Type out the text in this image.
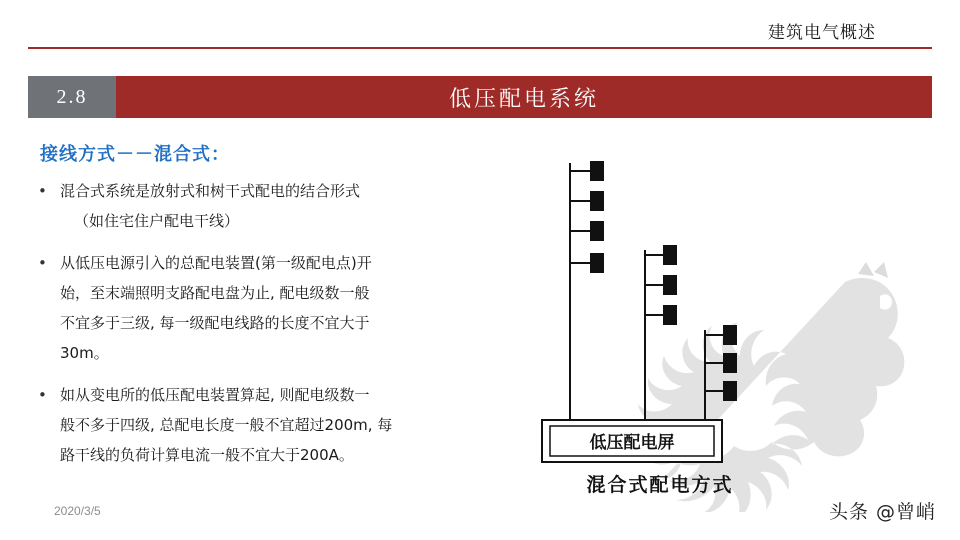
建筑电气概述
2.8	低压配电系统
接线方式－－混合式：
• 混合式系统是放射式和树干式配电的结合形式
（如住宅住户配电干线）
• 从低压电源引入的总配电装置(第一级配电点)开
始，至末端照明支路配电盘为止, 配电级数一般
不宜多于三级, 每一级配电线路的长度不宜大于
30m。
• 如从变电所的低压配电装置算起, 则配电级数一
般不多于四级, 总配电长度一般不宜超过200m, 每
路干线的负荷计算电流一般不宜大于200A。
低压配电屏
混合式配电方式
2020/3/5	头条 @曾峭
